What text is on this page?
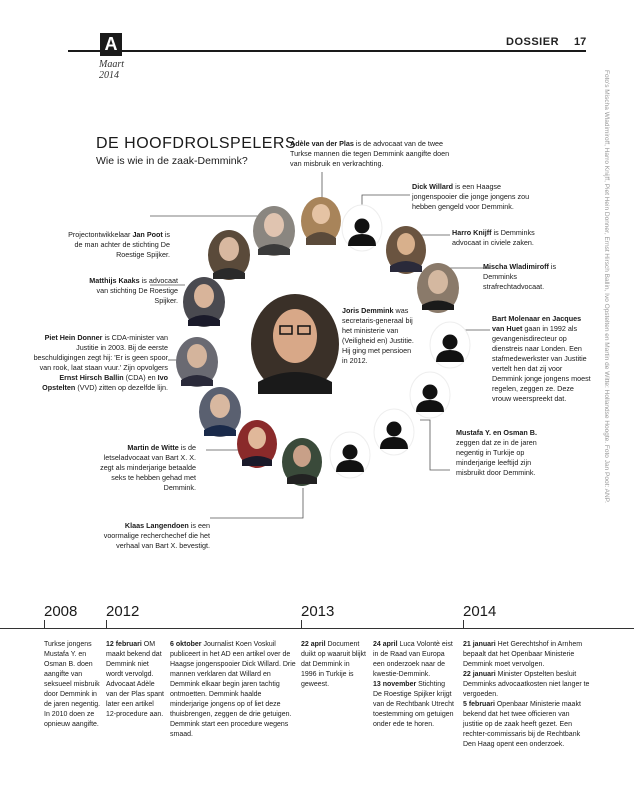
A
Maart
2014
DOSSIER 17
Foto's Mischa Wladimiroff, Harro Knijff, Piet Hein Donner, Ernst Hirsch Ballin, Ivo Opstelten en Martin de Witte: Hollandse Hoogte. Foto Jan Poot: ANP.
DE HOOFDROLSPELERS
Wie is wie in de zaak-Demmink?
Adèle van der Plas is de advocaat van de twee Turkse mannen die tegen Demmink aangifte doen van misbruik en verkrachting.
Dick Willard is een Haagse jongenspooier die jonge jongens zou hebben gengeld voor Demmink.
Harro Knijff is Demminks advocaat in civiele zaken.
Mischa Wladimiroff is Demminks strafrechtadvocaat.
Bart Molenaar en Jacques van Huet gaan in 1992 als gevangenisdirecteur op dienstreis naar Londen. Een stafmedewerkster van Justitie vertelt hen dat zij voor Demmink jonge jongens moest regelen, zeggen ze. Deze vrouw weerspreekt dat.
Mustafa Y. en Osman B. zeggen dat ze in de jaren negentig in Turkije op minderjarige leeftijd zijn misbruikt door Demmink.
Joris Demmink was secretaris-generaal bij het ministerie van (Veiligheid en) Justitie. Hij ging met pensioen in 2012.
Projectontwikkelaar Jan Poot is de man achter de stichting De Roestige Spijker.
Matthijs Kaaks is advocaat van stichting De Roestige Spijker.
Piet Hein Donner is CDA-minister van Justitie in 2003. Bij de eerste beschuldigingen zegt hij: 'Er is geen spoor van rook, laat staan vuur.' Zijn opvolgers Ernst Hirsch Ballin (CDA) en Ivo Opstelten (VVD) zitten op dezelfde lijn.
Martin de Witte is de letseladvocaat van Bart X. X. zegt als minderjarige betaalde seks te hebben gehad met Demmink.
Klaas Langendoen is een voormalige recherchechef die het verhaal van Bart X. bevestigt.
2008 2012	2013	2014
Turkse jongens Mustafa Y. en Osman B. doen aangifte van seksueel misbruik door Demmink in de jaren negentig. In 2010 doen ze opnieuw aangifte.
12 februari OM maakt bekend dat Demmink niet wordt vervolgd. Advocaat Adèle van der Plas spant later een artikel 12-procedure aan.
6 oktober Journalist Koen Voskuil publiceert in het AD een artikel over de Haagse jongenspooier Dick Willard. Drie mannen verklaren dat Willard en Demmink elkaar begin jaren tachtig ontmoetten. Demmink haalde minderjarige jongens op of liet deze thuisbrengen, zeggen de drie getuigen. Demmink start een procedure wegens smaad.
22 april Document duikt op waaruit blijkt dat Demmink in 1996 in Turkije is geweest.
24 april Luca Volontè eist in de Raad van Europa een onderzoek naar de kwestie-Demmink.
13 november Stichting De Roestige Spijker krijgt van de Rechtbank Utrecht toestemming om getuigen onder ede te horen.
21 januari Het Gerechtshof in Arnhem bepaalt dat het Openbaar Ministerie Demmink moet vervolgen.
22 januari Minister Opstelten besluit Demminks advocaatkosten niet langer te vergoeden.
5 februari Openbaar Ministerie maakt bekend dat het twee officieren van justitie op de zaak heeft gezet. Een rechter-commissaris bij de Rechtbank Den Haag opent een onderzoek.
